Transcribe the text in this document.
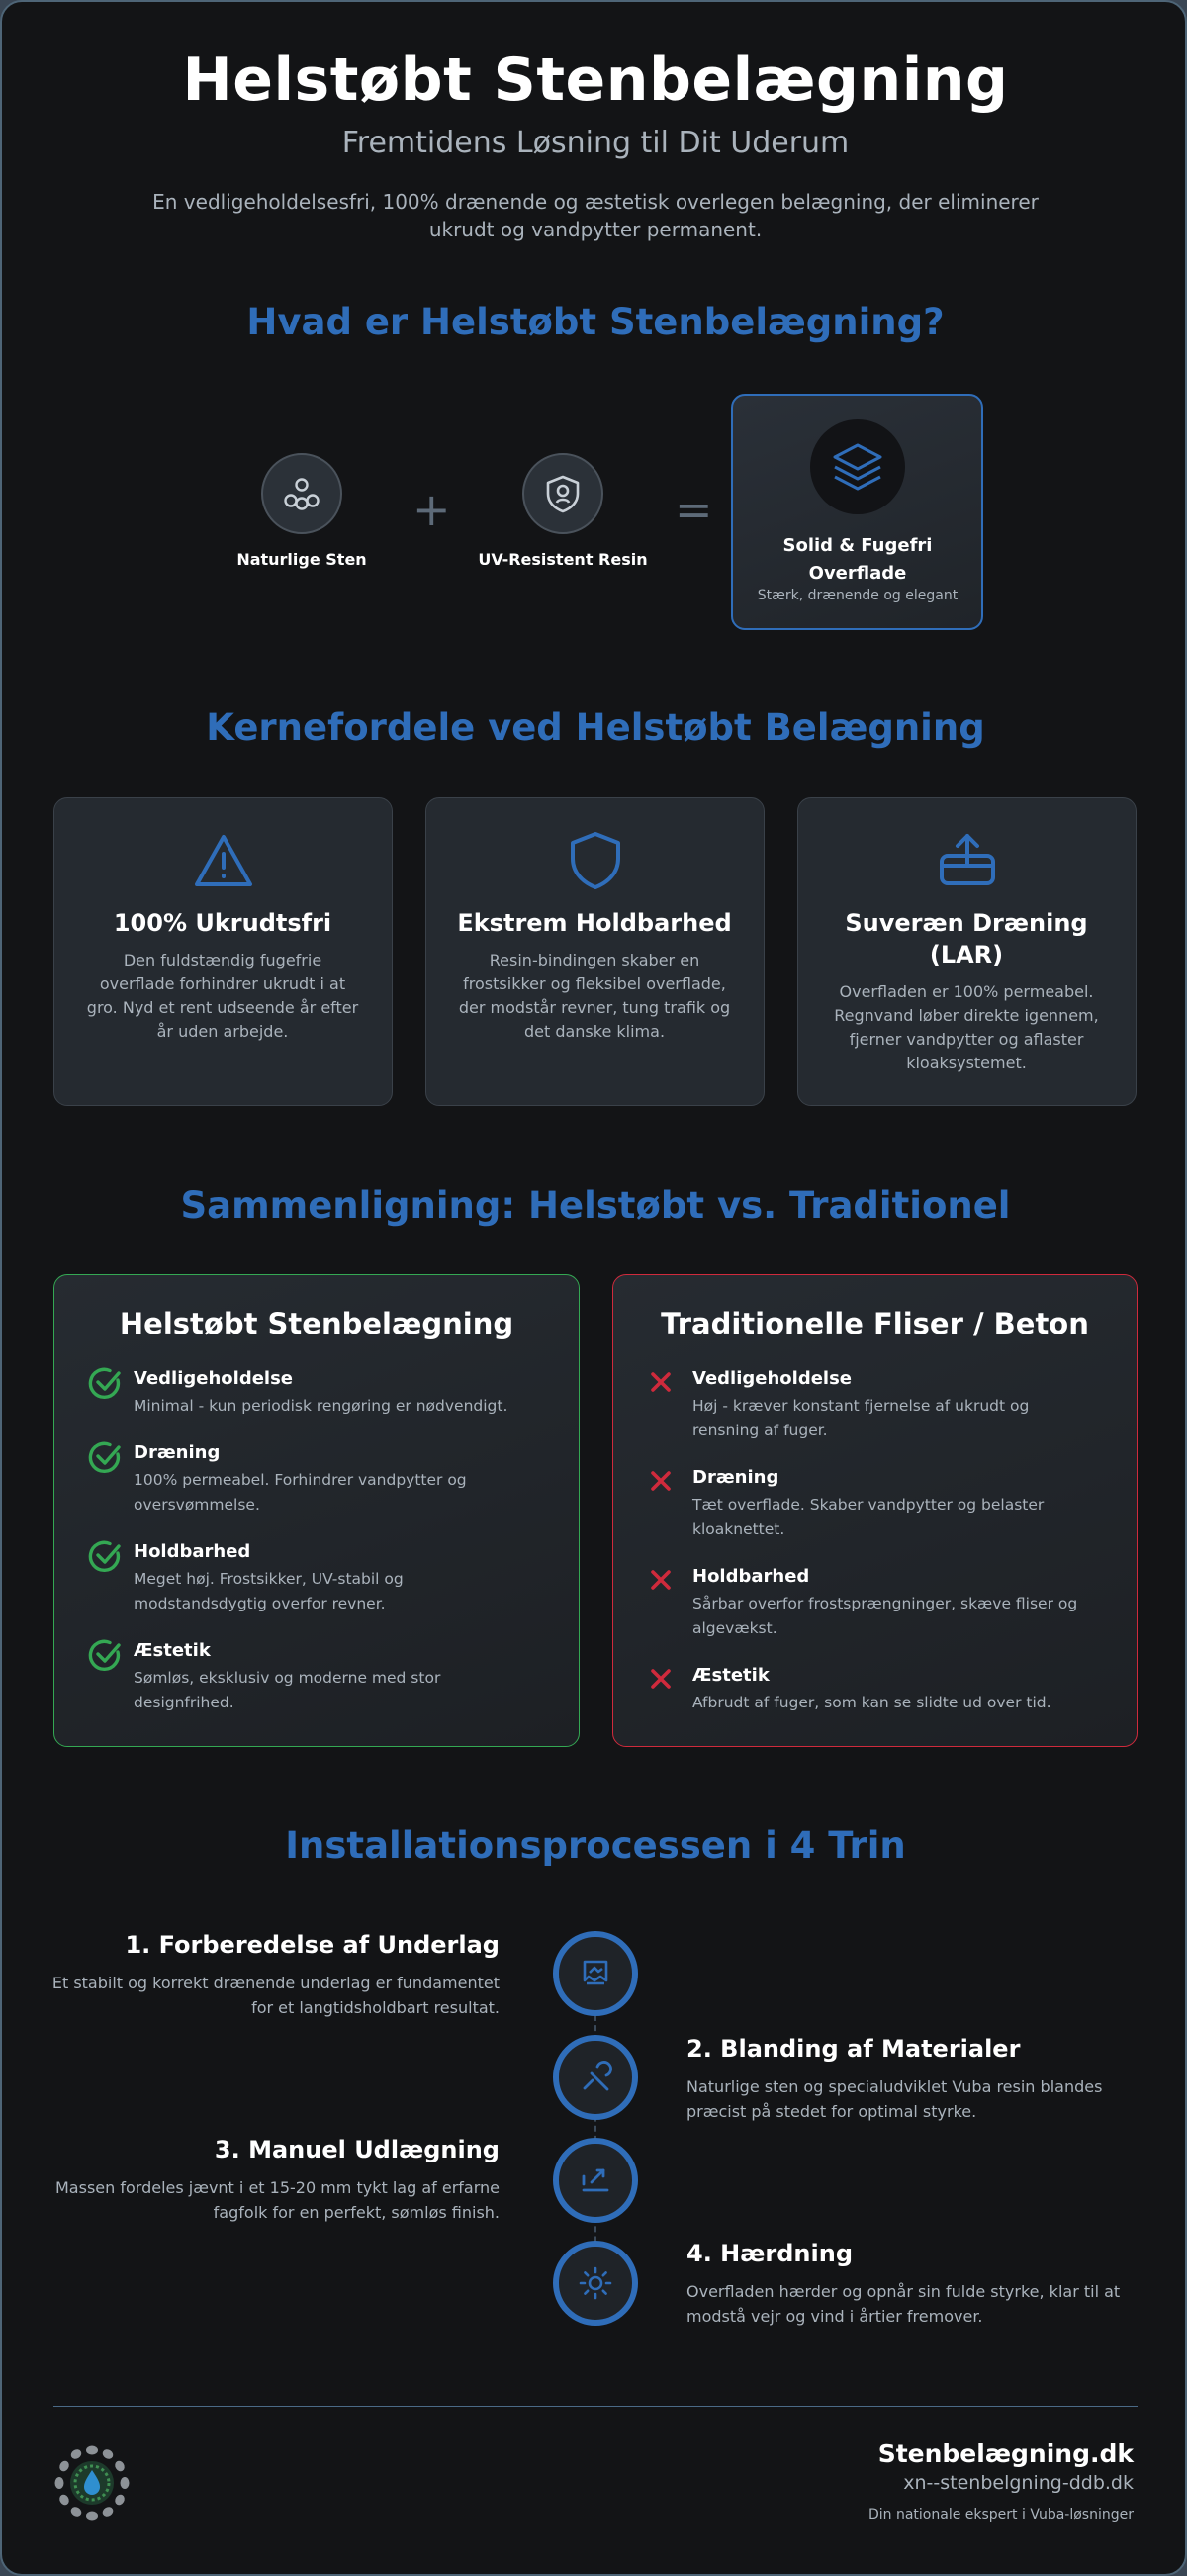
Helstøbt Stenbelægning
Fremtidens Løsning til Dit Uderum
En vedligeholdelsesfri, 100% drænende og æstetisk overlegen belægning, der eliminerer
ukrudt og vandpytter permanent.
Hvad er Helstøbt Stenbelægning?
Naturlige Sten
+
UV-Resistent Resin
=
Solid & Fugefri
Overflade
Stærk, drænende og elegant
Kernefordele ved Helstøbt Belægning
100% Ukrudtsfri
Den fuldstændig fugefrie
overflade forhindrer ukrudt i at
gro. Nyd et rent udseende år efter
år uden arbejde.
Ekstrem Holdbarhed
Resin-bindingen skaber en
frostsikker og fleksibel overflade,
der modstår revner, tung trafik og
det danske klima.
Suveræn Dræning
(LAR)
Overfladen er 100% permeabel.
Regnvand løber direkte igennem,
fjerner vandpytter og aflaster
kloaksystemet.
Sammenligning: Helstøbt vs. Traditionel
Helstøbt Stenbelægning
Vedligeholdelse
Minimal - kun periodisk rengøring er nødvendigt.
Dræning
100% permeabel. Forhindrer vandpytter og
oversvømmelse.
Holdbarhed
Meget høj. Frostsikker, UV-stabil og
modstandsdygtig overfor revner.
Æstetik
Sømløs, eksklusiv og moderne med stor
designfrihed.
Traditionelle Fliser / Beton
Vedligeholdelse
Høj - kræver konstant fjernelse af ukrudt og
rensning af fuger.
Dræning
Tæt overflade. Skaber vandpytter og belaster
kloaknettet.
Holdbarhed
Sårbar overfor frostsprængninger, skæve fliser og
algevækst.
Æstetik
Afbrudt af fuger, som kan se slidte ud over tid.
Installationsprocessen i 4 Trin
1. Forberedelse af Underlag
Et stabilt og korrekt drænende underlag er fundamentet
for et langtidsholdbart resultat.
2. Blanding af Materialer
Naturlige sten og specialudviklet Vuba resin blandes
præcist på stedet for optimal styrke.
3. Manuel Udlægning
Massen fordeles jævnt i et 15-20 mm tykt lag af erfarne
fagfolk for en perfekt, sømløs finish.
4. Hærdning
Overfladen hærder og opnår sin fulde styrke, klar til at
modstå vejr og vind i årtier fremover.
Stenbelægning.dk
xn--stenbelgning-ddb.dk
Din nationale ekspert i Vuba-løsninger
